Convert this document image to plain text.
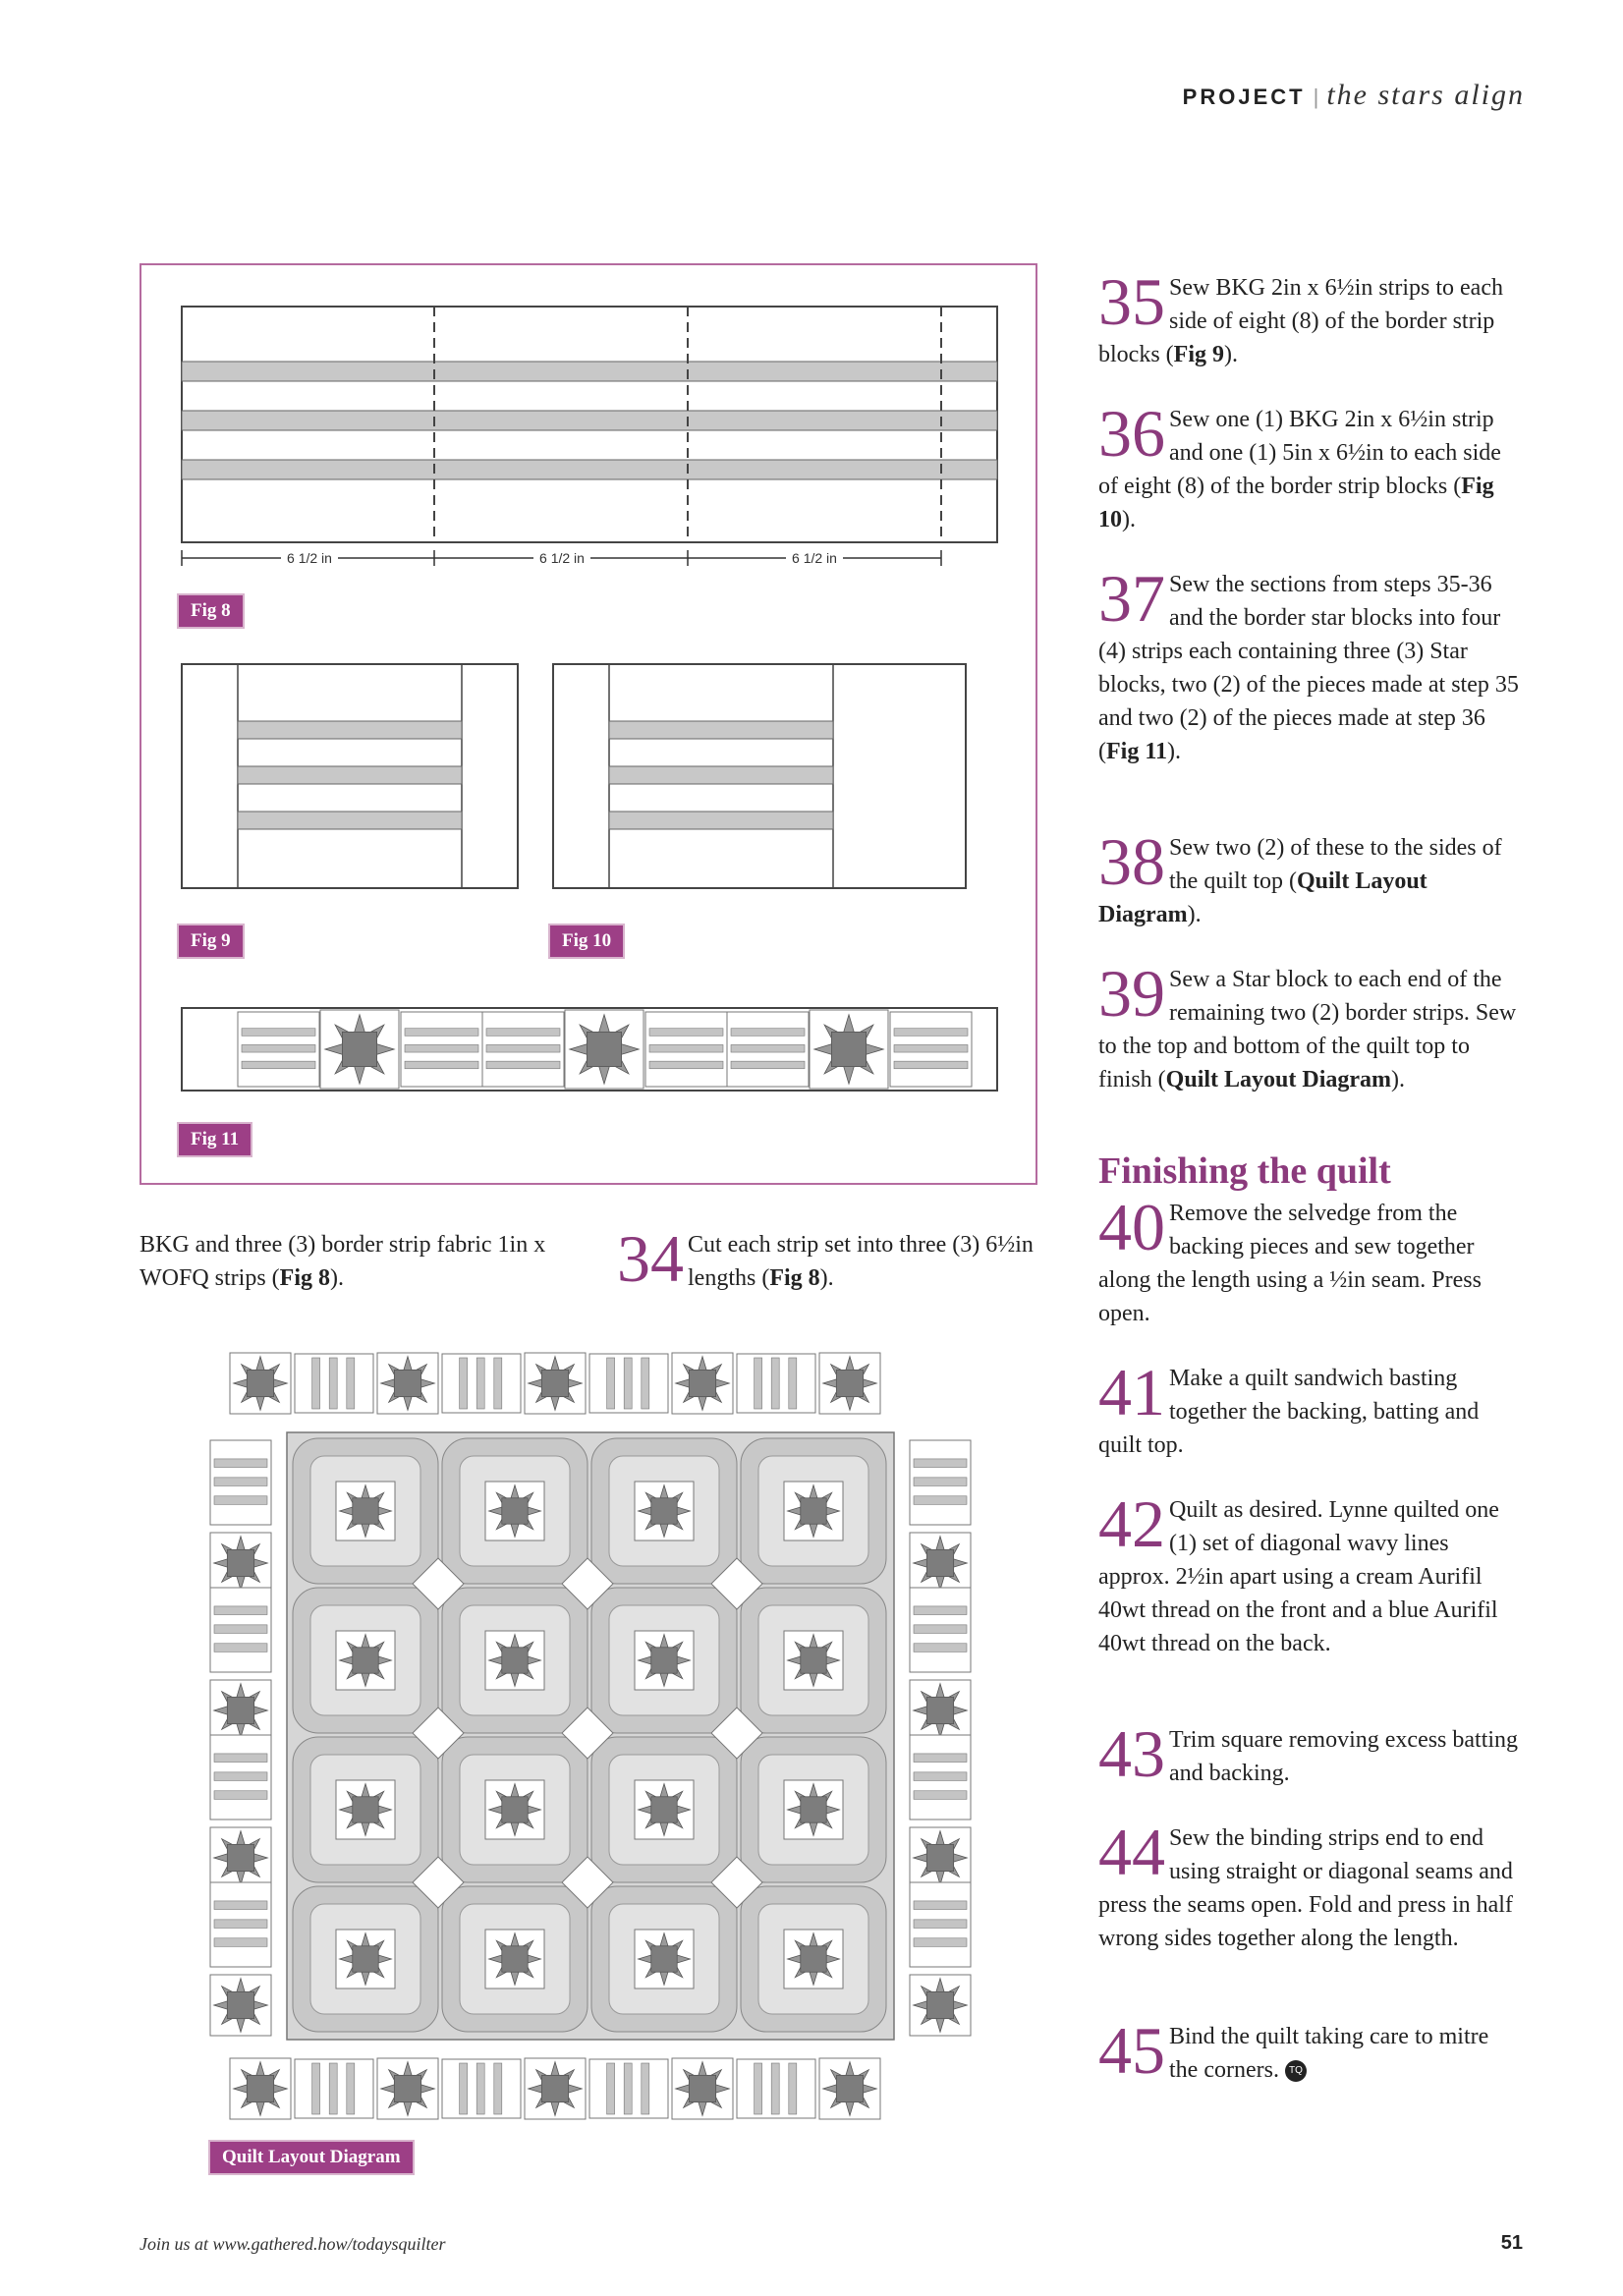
PROJECT | the stars align
6 1/2 in	6 1/2 in	6 1/2 in
Fig 8
Fig 9	Fig 10
Fig 11
BKG and three (3) border strip fabric 1in x WOFQ strips (Fig 8).	34 Cut each strip set into three (3) 6½in lengths (Fig 8).
Quilt Layout Diagram
35 Sew BKG 2in x 6½in strips to each side of eight (8) of the border strip blocks (Fig 9).
36 Sew one (1) BKG 2in x 6½in strip and one (1) 5in x 6½in to each side of eight (8) of the border strip blocks (Fig 10).
37 Sew the sections from steps 35-36 and the border star blocks into four (4) strips each containing three (3) Star blocks, two (2) of the pieces made at step 35 and two (2) of the pieces made at step 36 (Fig 11).
38 Sew two (2) of these to the sides of the quilt top (Quilt Layout Diagram).
39 Sew a Star block to each end of the remaining two (2) border strips. Sew to the top and bottom of the quilt top to finish (Quilt Layout Diagram).
Finishing the quilt
40 Remove the selvedge from the backing pieces and sew together along the length using a ½in seam. Press open.
41 Make a quilt sandwich basting together the backing, batting and quilt top.
42 Quilt as desired. Lynne quilted one (1) set of diagonal wavy lines approx. 2½in apart using a cream Aurifil 40wt thread on the front and a blue Aurifil 40wt thread on the back.
43 Trim square removing excess batting and backing.
44 Sew the binding strips end to end using straight or diagonal seams and press the seams open. Fold and press in half wrong sides together along the length.
45 Bind the quilt taking care to mitre the corners. TQ
Join us at www.gathered.how/todaysquilter	51
